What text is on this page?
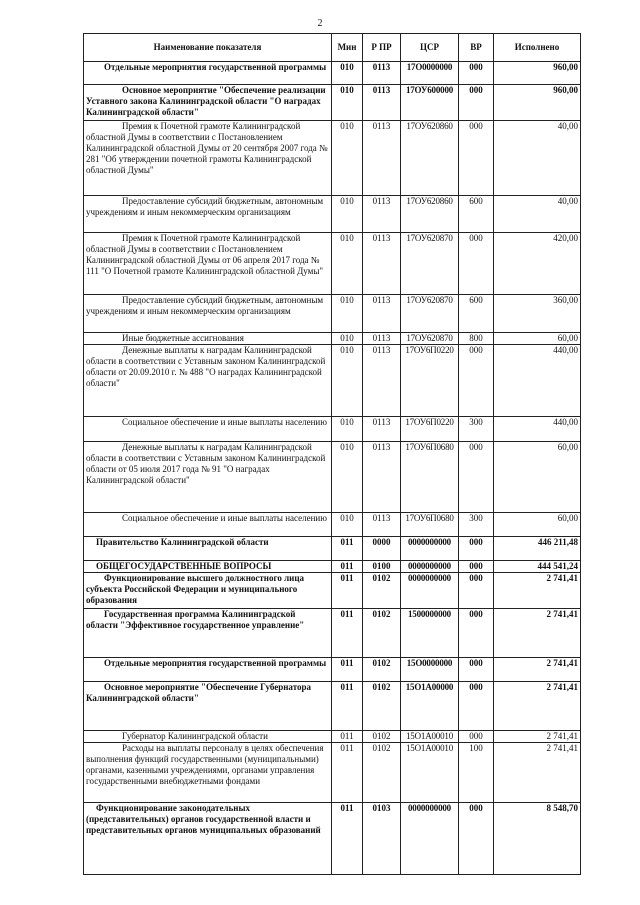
2
Наименование показателя	Мин	Р ПР	ЦСР	ВР	Исполнено
Отдельные мероприятия государственной программы	010	0113	17О0000000	000	960,00
Основное мероприятие "Обеспечение реализации Уставного закона Калининградской области "О наградах Калининградской области"	010	0113	17ОУ600000	000	960,00
Премия к Почетной грамоте Калининградской областной Думы в соответствии с Постановлением Калининградской областной Думы от 20 сентября 2007 года № 281 "Об утверждении почетной грамоты Калининградской областной Думы"	010	0113	17ОУ620860	000	40,00
Предоставление субсидий бюджетным, автономным учреждениям и иным некоммерческим организациям	010	0113	17ОУ620860	600	40,00
Премия к Почетной грамоте Калининградской областной Думы в соответствии с Постановлением Калининградской областной Думы от 06 апреля 2017 года № 111 "О Почетной грамоте Калининградской областной Думы"	010	0113	17ОУ620870	000	420,00
Предоставление субсидий бюджетным, автономным учреждениям и иным некоммерческим организациям	010	0113	17ОУ620870	600	360,00
Иные бюджетные ассигнования	010	0113	17ОУ620870	800	60,00
Денежные выплаты к наградам Калининградской области в соответствии с Уставным законом Калининградской области от 20.09.2010 г. № 488 "О наградах Калининградской области"	010	0113	17ОУ6П0220	000	440,00
Социальное обеспечение и иные выплаты населению	010	0113	17ОУ6П0220	300	440,00
Денежные выплаты к наградам Калининградской области в соответствии с Уставным законом Калининградской области от 05 июля 2017 года № 91 "О наградах Калининградской области"	010	0113	17ОУ6П0680	000	60,00
Социальное обеспечение и иные выплаты населению	010	0113	17ОУ6П0680	300	60,00
Правительство Калининградской области	011	0000	0000000000	000	446 211,48
ОБЩЕГОСУДАРСТВЕННЫЕ ВОПРОСЫ	011	0100	0000000000	000	444 541,24
Функционирование высшего должностного лица субъекта Российской Федерации и муниципального образования	011	0102	0000000000	000	2 741,41
Государственная программа Калининградской области "Эффективное государственное управление"	011	0102	1500000000	000	2 741,41
Отдельные мероприятия государственной программы	011	0102	15О0000000	000	2 741,41
Основное мероприятие "Обеспечение Губернатора Калининградской области"	011	0102	15О1А00000	000	2 741,41
Губернатор Калининградской области	011	0102	15О1А00010	000	2 741,41
Расходы на выплаты персоналу в целях обеспечения выполнения функций государственными (муниципальными) органами, казенными учреждениями, органами управления государственными внебюджетными фондами	011	0102	15О1А00010	100	2 741,41
Функционирование законодательных (представительных) органов государственной власти и представительных органов муниципальных образований	011	0103	0000000000	000	8 548,70
